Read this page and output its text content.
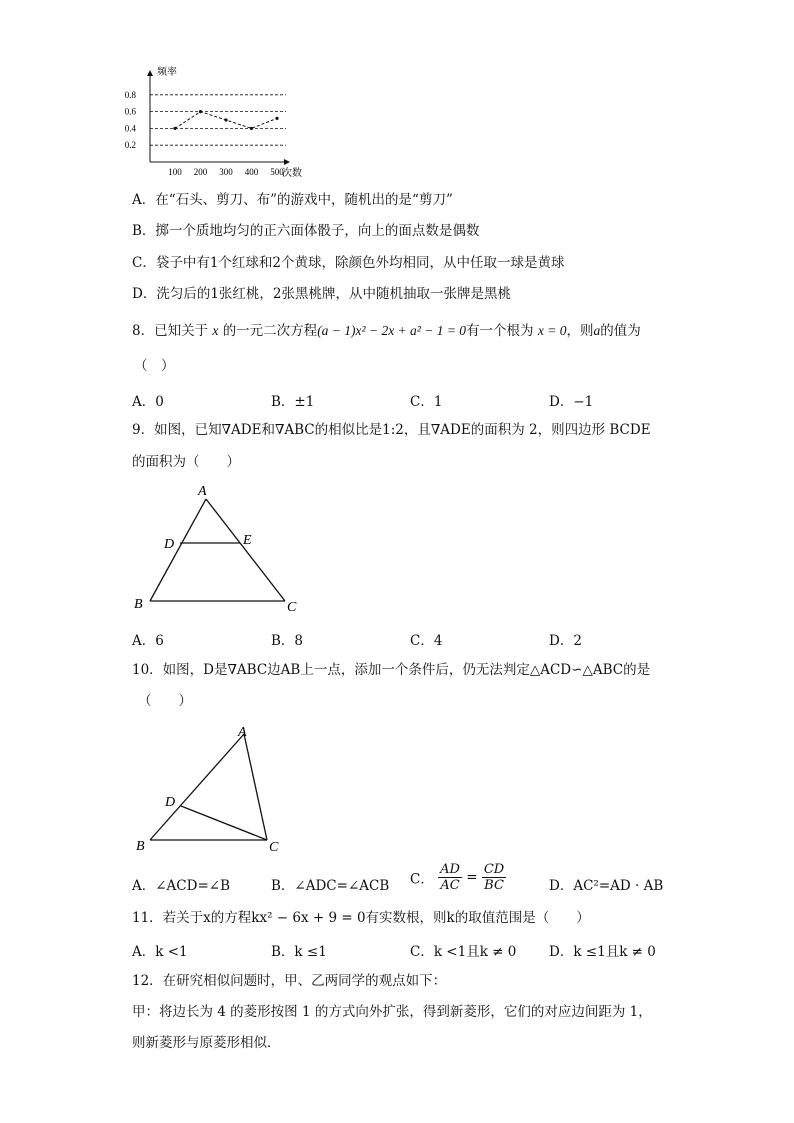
频率
次数
0.8
0.6
0.4
0.2
100 200 300 400 500
A．在“石头、剪刀、布”的游戏中，随机出的是“剪刀”
B．掷一个质地均匀的正六面体骰子，向上的面点数是偶数
C．袋子中有1个红球和2个黄球，除颜色外均相同，从中任取一球是黄球
D．洗匀后的1张红桃，2张黑桃牌，从中随机抽取一张牌是黑桃
8．已知关于 x 的一元二次方程(a − 1)x² − 2x + a² − 1 = 0有一个根为 x = 0，则a的值为
（　）
A．0	B．±1	C．1	D．−1
9．如图，已知∇ADE和∇ABC的相似比是1:2，且∇ADE的面积为 2，则四边形 BCDE
的面积为（　　）
A
D	E
B	C
A．6	B．8	C．4	D．2
10．如图，D是∇ABC边AB上一点，添加一个条件后，仍无法判定△ACD∽△ABC的是
（　　）
A
D
B	C
A．∠ACD=∠B	B．∠ADC=∠ACB C． $\frac{AD}{AC} = \frac{CD}{BC}$	D．AC²=AD · AB
11．若关于x的方程kx² − 6x + 9 = 0有实数根，则k的取值范围是（　　）
A．k <1	B．k ≤1	C．k <1且k ≠ 0 D．k ≤1且k ≠ 0
12．在研究相似问题时，甲、乙两同学的观点如下：
甲：将边长为 4 的菱形按图 1 的方式向外扩张，得到新菱形，它们的对应边间距为 1，
则新菱形与原菱形相似．
